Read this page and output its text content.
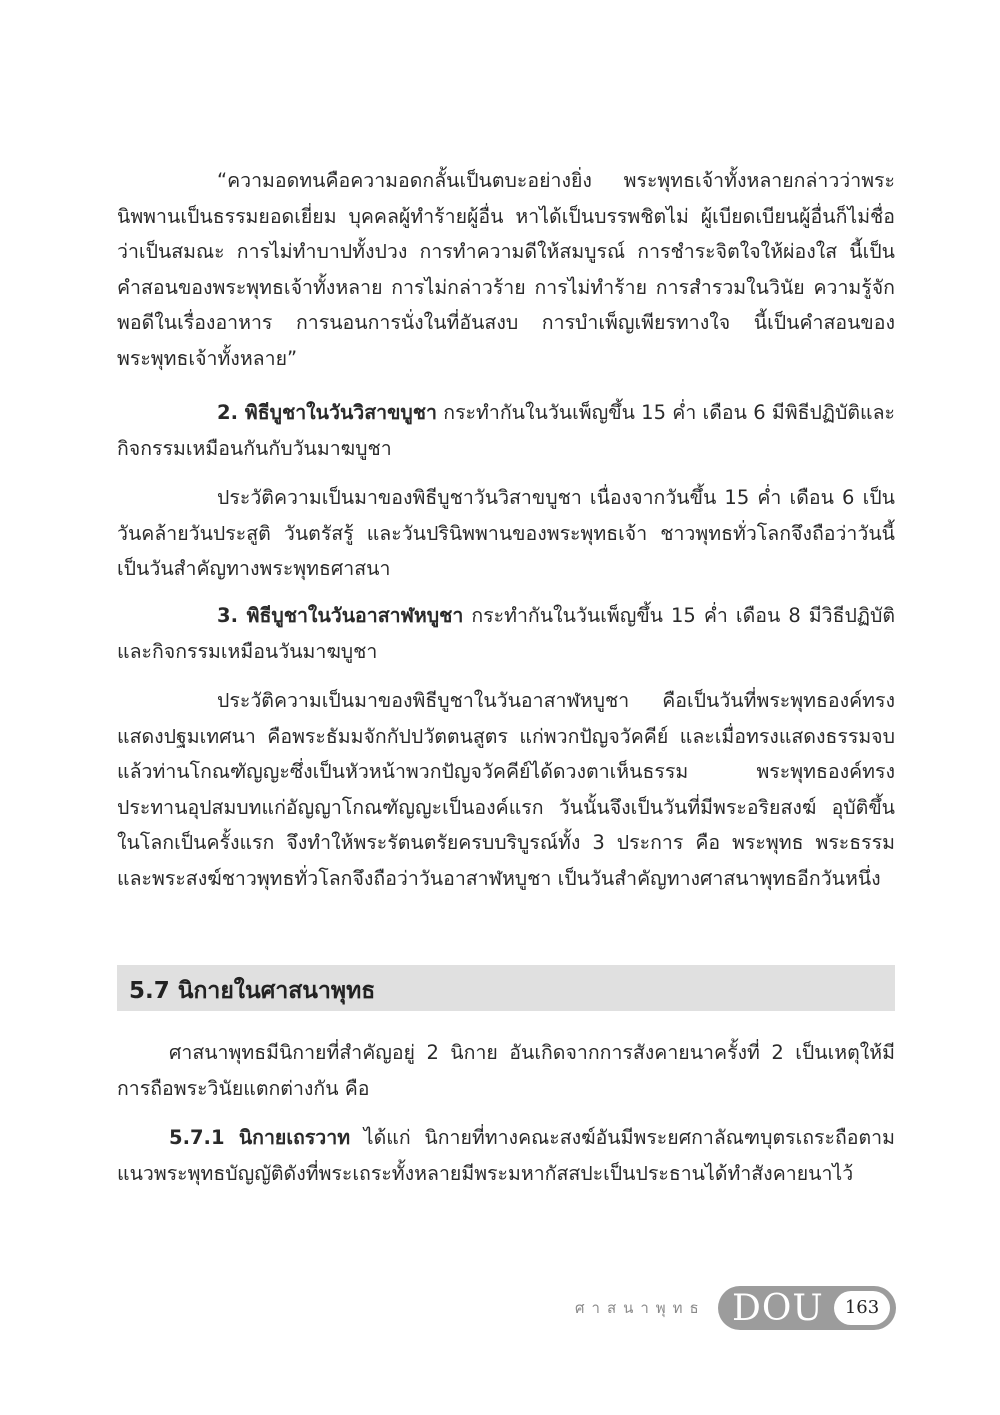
“ความอดทนคือความอดกลั้นเป็นตบะอย่างยิ่ง พระพุทธเจ้าทั้งหลายกล่าวว่าพระนิพพานเป็นธรรมยอดเยี่ยม บุคคลผู้ทำร้ายผู้อื่น หาได้เป็นบรรพชิตไม่ ผู้เบียดเบียนผู้อื่นก็ไม่ชื่อว่าเป็นสมณะ การไม่ทำบาปทั้งปวง การทำความดีให้สมบูรณ์ การชำระจิตใจให้ผ่องใส นี้เป็นคำสอนของพระพุทธเจ้าทั้งหลาย การไม่กล่าวร้าย การไม่ทำร้าย การสำรวมในวินัย ความรู้จักพอดีในเรื่องอาหาร การนอนการนั่งในที่อันสงบ การบำเพ็ญเพียรทางใจ นี้เป็นคำสอนของพระพุทธเจ้าทั้งหลาย”

2. พิธีบูชาในวันวิสาขบูชา กระทำกันในวันเพ็ญขึ้น 15 ค่ำ เดือน 6 มีพิธีปฏิบัติและกิจกรรมเหมือนกันกับวันมาฆบูชา

ประวัติความเป็นมาของพิธีบูชาวันวิสาขบูชา เนื่องจากวันขึ้น 15 ค่ำ เดือน 6 เป็นวันคล้ายวันประสูติ วันตรัสรู้ และวันปรินิพพานของพระพุทธเจ้า ชาวพุทธทั่วโลกจึงถือว่าวันนี้เป็นวันสำคัญทางพระพุทธศาสนา

3. พิธีบูชาในวันอาสาฬหบูชา กระทำกันในวันเพ็ญขึ้น 15 ค่ำ เดือน 8 มีวิธีปฏิบัติและกิจกรรมเหมือนวันมาฆบูชา

ประวัติความเป็นมาของพิธีบูชาในวันอาสาฬหบูชา คือเป็นวันที่พระพุทธองค์ทรงแสดงปฐมเทศนา คือพระธัมมจักกัปปวัตตนสูตร แก่พวกปัญจวัคคีย์ และเมื่อทรงแสดงธรรมจบแล้วท่านโกณฑัญญะซึ่งเป็นหัวหน้าพวกปัญจวัคคีย์ได้ดวงตาเห็นธรรม พระพุทธองค์ทรงประทานอุปสมบทแก่อัญญาโกณฑัญญะเป็นองค์แรก วันนั้นจึงเป็นวันที่มีพระอริยสงฆ์ อุบัติขึ้นในโลกเป็นครั้งแรก จึงทำให้พระรัตนตรัยครบบริบูรณ์ทั้ง 3 ประการ คือ พระพุทธ พระธรรม และพระสงฆ์ชาวพุทธทั่วโลกจึงถือว่าวันอาสาฬหบูชา เป็นวันสำคัญทางศาสนาพุทธอีกวันหนึ่ง

5.7 นิกายในศาสนาพุทธ

ศาสนาพุทธมีนิกายที่สำคัญอยู่ 2 นิกาย อันเกิดจากการสังคายนาครั้งที่ 2 เป็นเหตุให้มีการถือพระวินัยแตกต่างกัน คือ

5.7.1 นิกายเถรวาท ได้แก่ นิกายที่ทางคณะสงฆ์อันมีพระยศกาลัณฑบุตรเถระถือตามแนวพระพุทธบัญญัติดังที่พระเถระทั้งหลายมีพระมหากัสสปะเป็นประธานได้ทำสังคายนาไว้

ศาสนาพุทธ DOU	163
